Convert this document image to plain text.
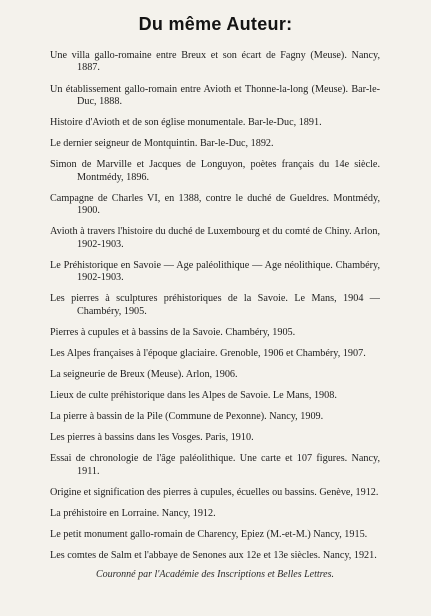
Du même Auteur:
Une villa gallo-romaine entre Breux et son écart de Fagny (Meuse). Nancy, 1887.
Un établissement gallo-romain entre Avioth et Thonne-la-long (Meuse). Bar-le-Duc, 1888.
Histoire d'Avioth et de son église monumentale. Bar-le-Duc, 1891.
Le dernier seigneur de Montquintin. Bar-le-Duc, 1892.
Simon de Marville et Jacques de Longuyon, poètes français du 14e siècle. Montmédy, 1896.
Campagne de Charles VI, en 1388, contre le duché de Gueldres. Montmédy, 1900.
Avioth à travers l'histoire du duché de Luxembourg et du comté de Chiny. Arlon, 1902-1903.
Le Préhistorique en Savoie — Age paléolithique — Age néolithique. Chambéry, 1902-1903.
Les pierres à sculptures préhistoriques de la Savoie. Le Mans, 1904 — Chambéry, 1905.
Pierres à cupules et à bassins de la Savoie. Chambéry, 1905.
Les Alpes françaises à l'époque glaciaire. Grenoble, 1906 et Chambéry, 1907.
La seigneurie de Breux (Meuse). Arlon, 1906.
Lieux de culte préhistorique dans les Alpes de Savoie. Le Mans, 1908.
La pierre à bassin de la Pile (Commune de Pexonne). Nancy, 1909.
Les pierres à bassins dans les Vosges. Paris, 1910.
Essai de chronologie de l'âge paléolithique. Une carte et 107 figures. Nancy, 1911.
Origine et signification des pierres à cupules, écuelles ou bassins. Genève, 1912.
La préhistoire en Lorraine. Nancy, 1912.
Le petit monument gallo-romain de Charency, Epiez (M.-et-M.) Nancy, 1915.
Les comtes de Salm et l'abbaye de Senones aux 12e et 13e siècles. Nancy, 1921.
Couronné par l'Académie des Inscriptions et Belles Lettres.
